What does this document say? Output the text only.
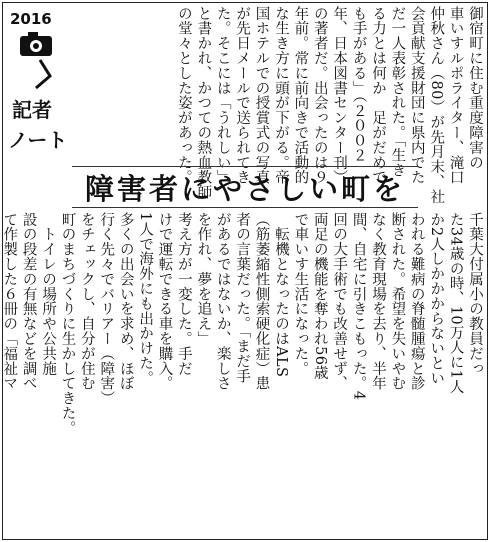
2016
記者
ノート	御宿町に住む重度障害の
車いすルポライター、滝口
仲秋さん（80）が先月末、社
会貢献支援財団に県内でた
だ一人表彰された。「生き
る力とは何か　足がだめで
も手がある」（２００２
年、日本図書センター刊）
の著者だ。出会ったのは９
年前。常に前向きで活動的
な生き方に頭が下がる。帝
国ホテルでの授賞式の写真
が先日メールで送られてき
た。そこには「うれしい」
と書かれ、かつての熱血教師
の堂々とした姿があった。
障害者にやさしい町を
千葉大付属小の教員だっ
た34歳の時、10万人に1人
か2人しかかからないとい
われる難病の脊髄腫瘍と診
断された。希望を失いやむ
なく教育現場を去り、半年
間、自宅に引きこもった。4
回の大手術でも改善せず、
両足の機能を奪われ56歳
で車いす生活になった。
　転機となったのはALS
（筋萎縮性側索硬化症）患
者の言葉だった。「まだ手
があるではないか、楽しさ
を作れ、夢を追え」
考え方が一変した。手だ
けで運転できる車を購入。
1人で海外にも出かけた。
多くの出会いを求め、ほぼ
行く先々でバリアー（障害）
をチェックし、自分が住む
町のまちづくりに生かしてきた。
　トイレの場所や公共施
設の段差の有無などを調べ
て作製した６冊の「福祉マ
